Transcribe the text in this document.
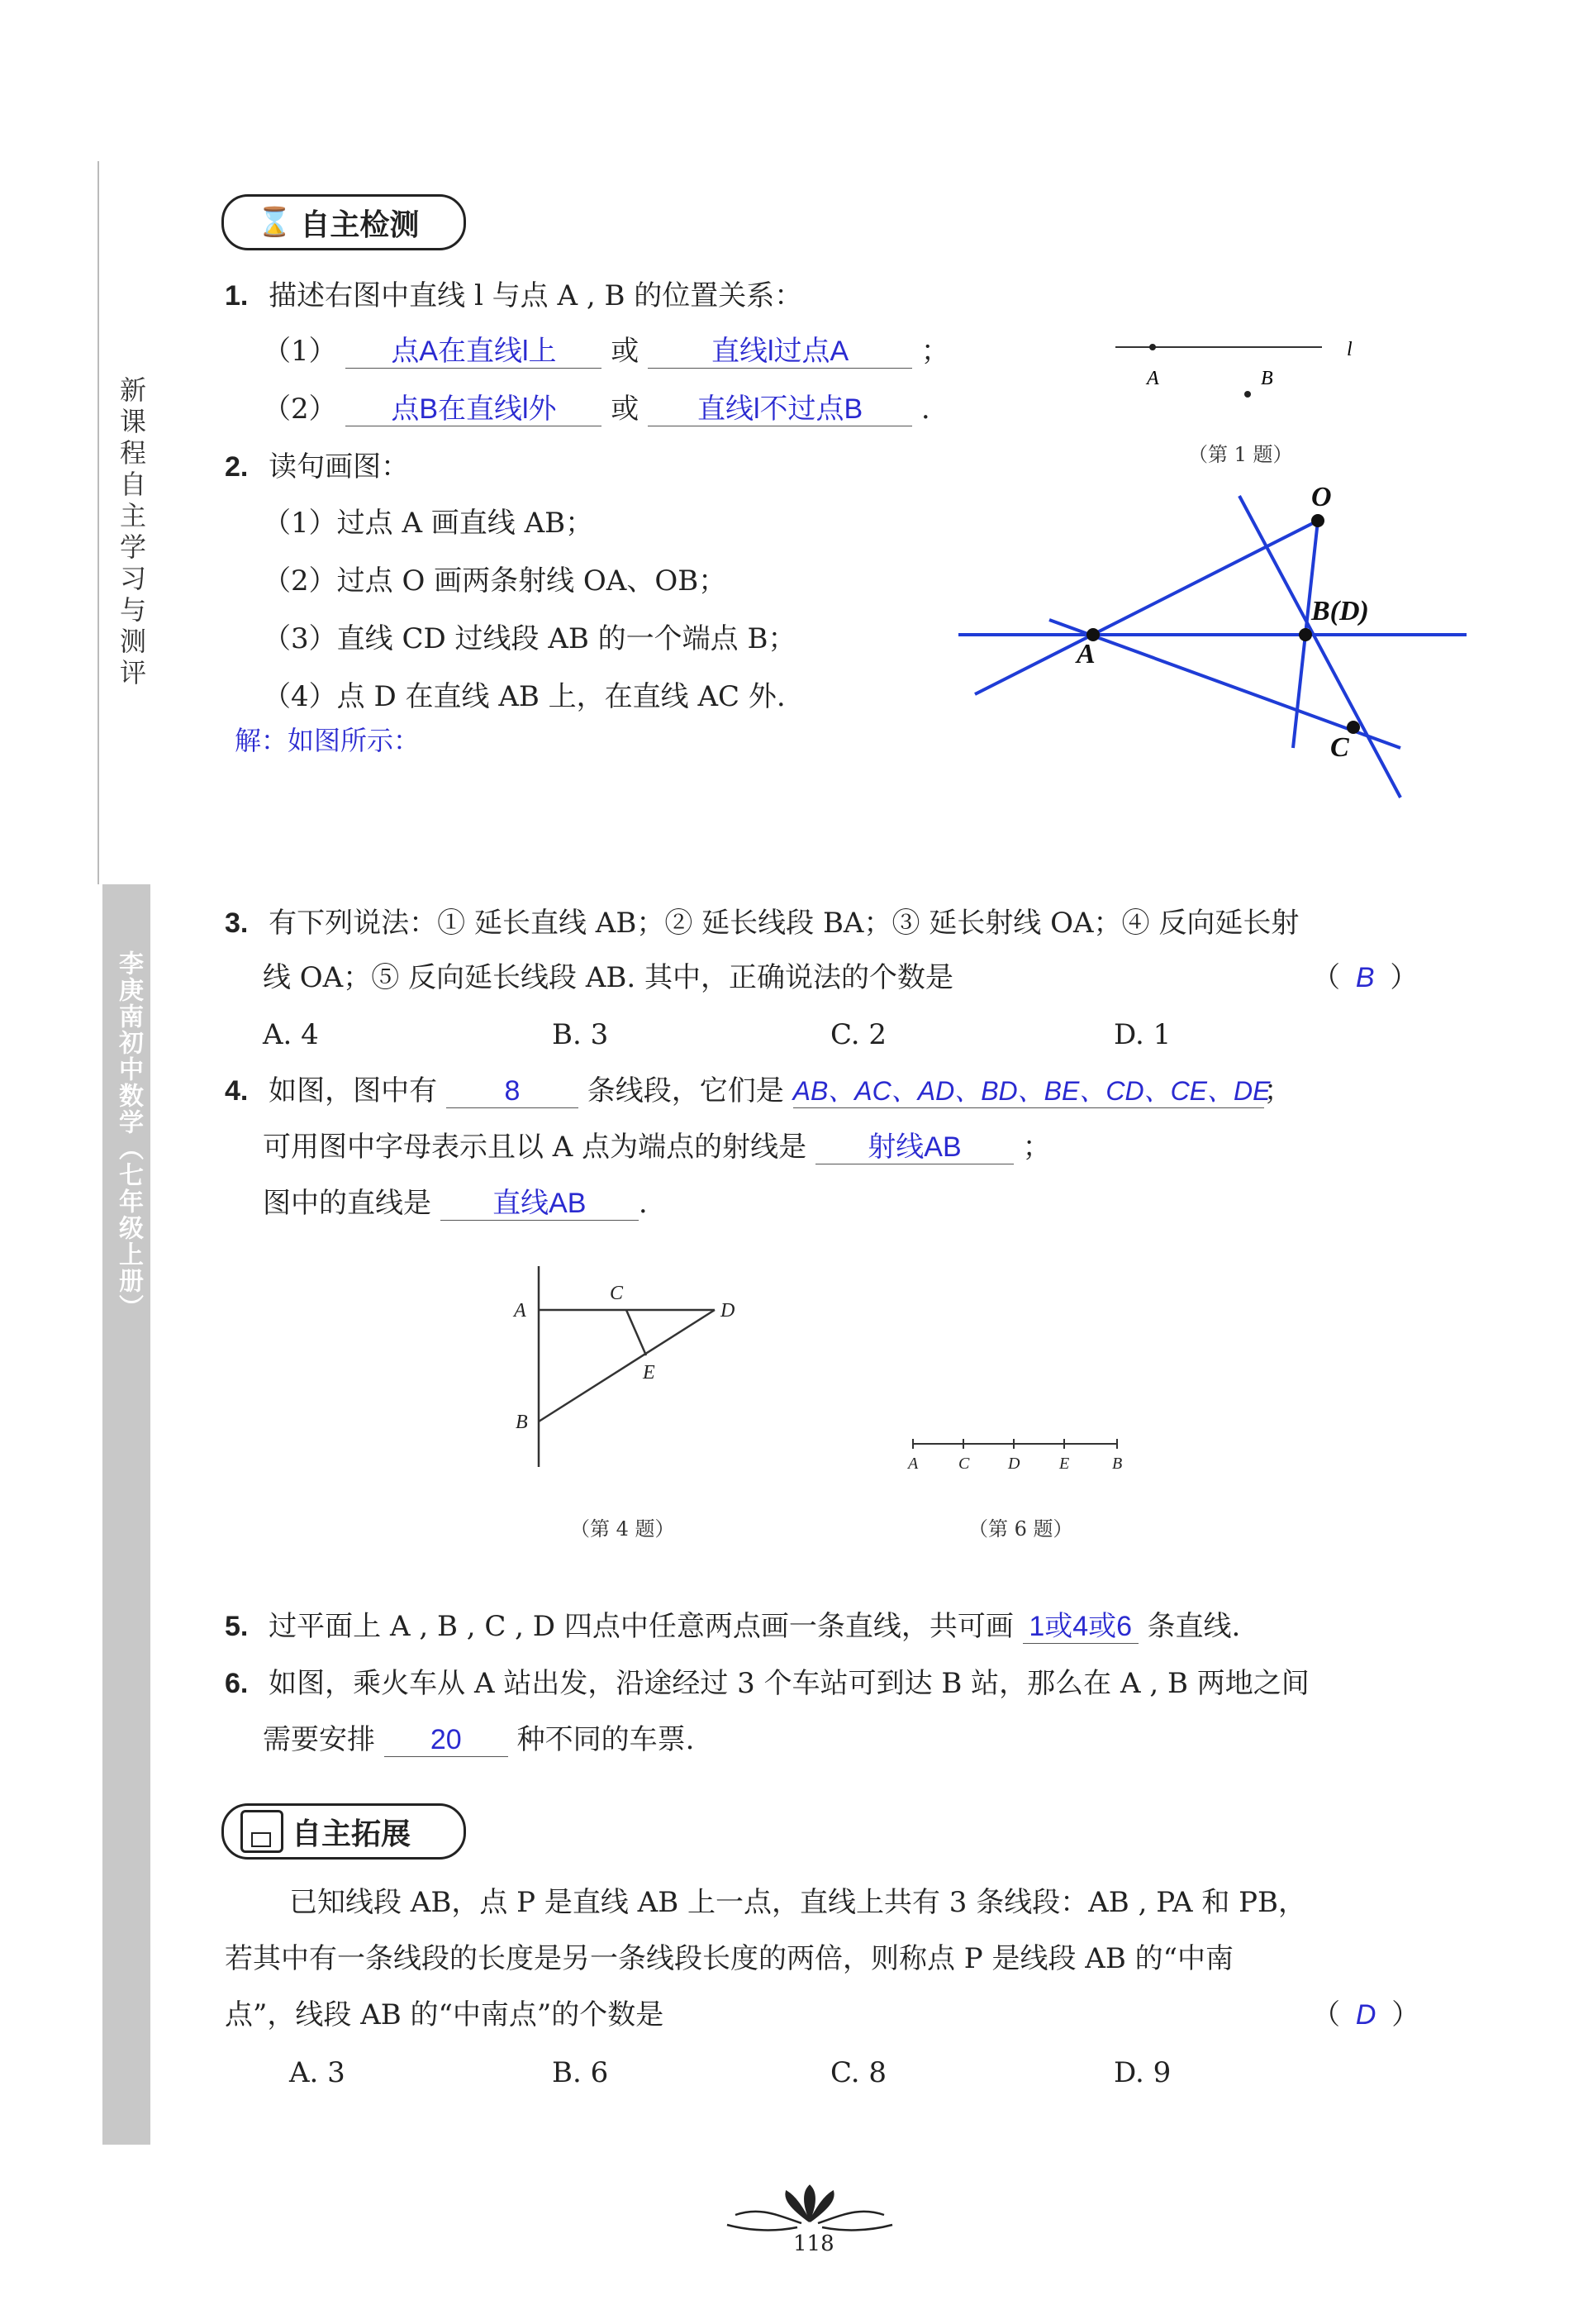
新课程自主学习与测评
李庚南初中数学（七年级上册）
⌛ 自主检测
1. 描述右图中直线 l 与点 A , B 的位置关系：
（1） 点A在直线l上 或	直线l过点A	；
（2） 点B在直线l外 或 直线l不过点B .
l
A	B
（第 1 题）
2. 读句画图：
（1）过点 A 画直线 AB；
（2）过点 O 画两条射线 OA、OB；
（3）直线 CD 过线段 AB 的一个端点 B；
（4）点 D 在直线 AB 上，在直线 AC 外.
解：如图所示：
O
A
B(D)
C
3. 有下列说法：① 延长直线 AB；② 延长线段 BA；③ 延长射线 OA；④ 反向延长射
线 OA；⑤ 反向延长线段 AB. 其中，正确说法的个数是	（ B ）
A. 4	B. 3	C. 2	D. 1
4. 如图，图中有 8 条线段，它们是 AB、AC、AD、BD、BE、CD、CE、DE；
可用图中字母表示且以 A 点为端点的射线是 射线AB ；
图中的直线是 直线AB .
A
B
C
D
E
（第 4 题）
A C D E	B
（第 6 题）
5. 过平面上 A , B , C , D 四点中任意两点画一条直线，共可画 1或4或6 条直线.
6. 如图，乘火车从 A 站出发，沿途经过 3 个车站可到达 B 站，那么在 A , B 两地之间
需要安排 20 种不同的车票.
自主拓展
已知线段 AB，点 P 是直线 AB 上一点，直线上共有 3 条线段：AB , PA 和 PB，
若其中有一条线段的长度是另一条线段长度的两倍，则称点 P 是线段 AB 的“中南
点”，线段 AB 的“中南点”的个数是	（ D ）
A. 3	B. 6	C. 8	D. 9
118
